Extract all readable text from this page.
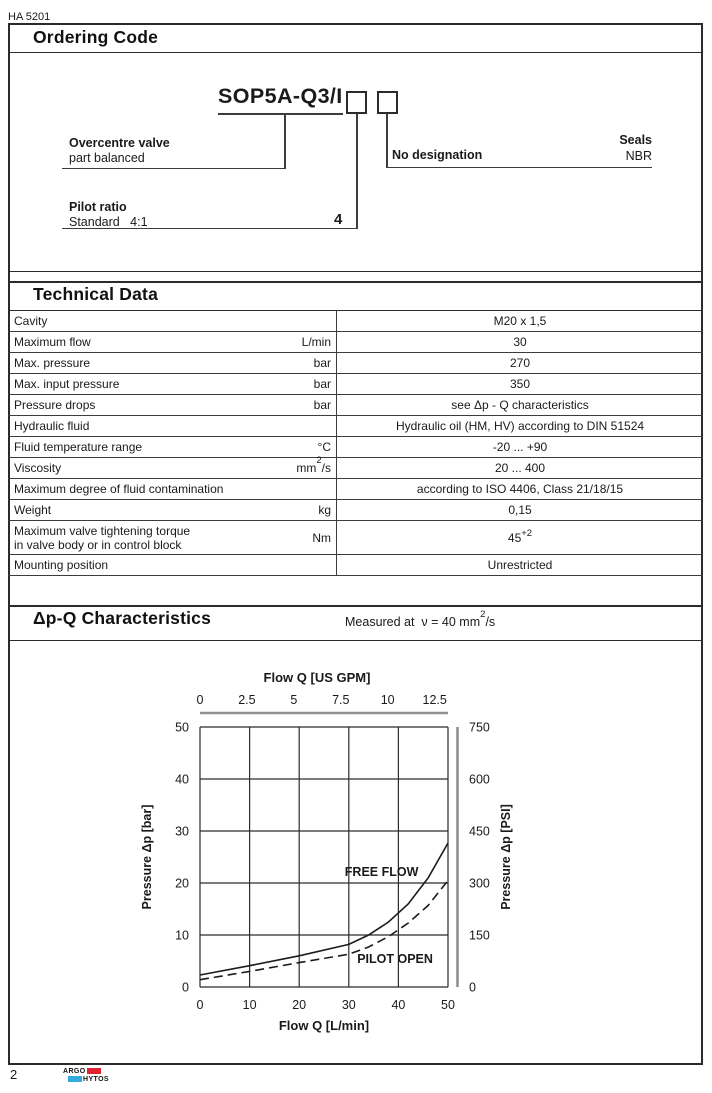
HA 5201
Ordering Code
SOP5A-Q3/I
Overcentre valve
part balanced
Pilot ratio
Standard   4:1	4
No designation
Seals
NBR
Technical Data
Cavity	M20 x 1,5
Maximum flow	L/min	30
Max. pressure	bar	270
Max. input pressure	bar	350
Pressure drops	bar	see Δp - Q characteristics
Hydraulic fluid	Hydraulic oil (HM, HV) according to DIN 51524
Fluid temperature range	°C	-20 ... +90
Viscosity	$mm^2/s$	20 ... 400
Maximum degree of fluid contamination	according to ISO 4406, Class 21/18/15
Weight	kg	0,15
Maximum valve tightening torque
in valve body or in control block	Nm	$45^{+2}$
Mounting position	Unrestricted
Δp-Q Characteristics	Measured at  ν = 40 $mm^2/s$
0	2.5	5	7.5	10 12.5
Flow Q [US GPM]
0
150
300
450
600
750
Pressure Δp [PSI]
0
10
20
30
40
50
Pressure Δp [bar]
0	10	20	30	40	50
Flow Q [L/min]
FREE FLOW
PILOT OPEN
2	ARGO
HYTOS
